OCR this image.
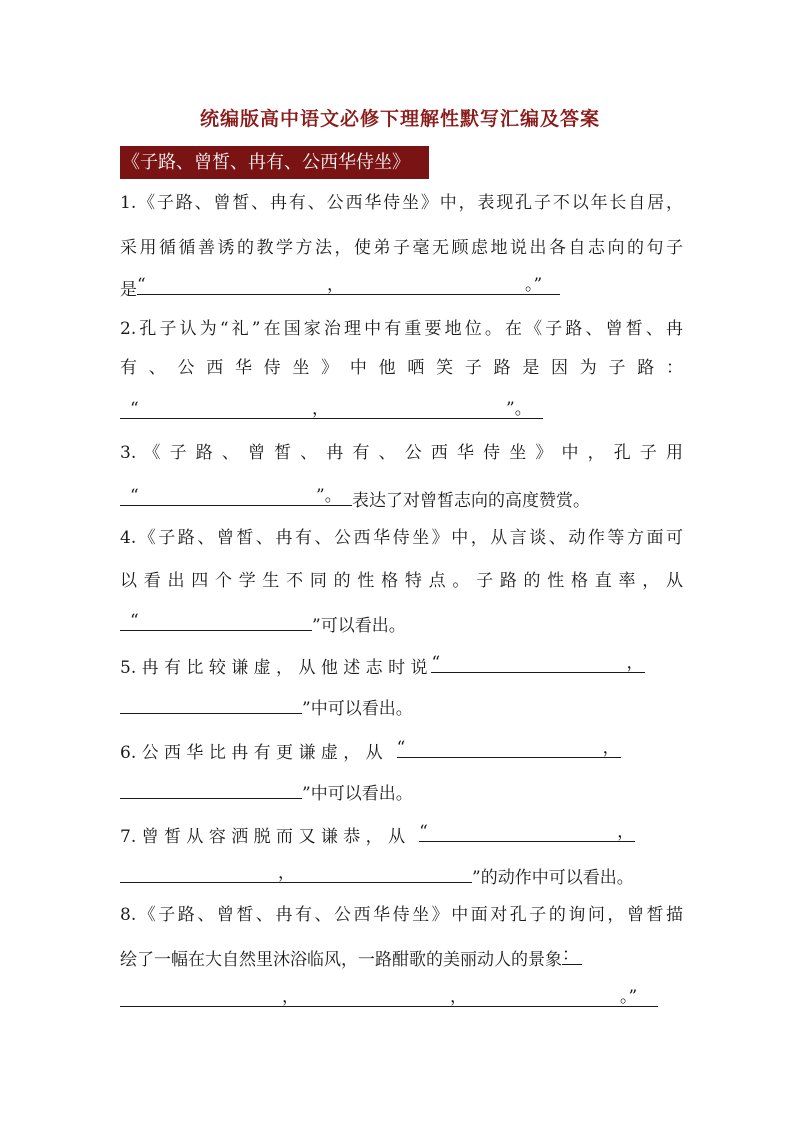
统编版高中语文必修下理解性默写汇编及答案
《子路、曾皙、冉有、公西华侍坐》
1.《子路、曾皙、冉有、公西华侍坐》中，表现孔子不以年长自居，
采用循循善诱的教学方法，使弟子毫无顾虑地说出各自志向的句子
是 “	，	。”
2.孔子认为“礼”在国家治理中有重要地位。在《子路、曾皙、冉
有 、 公 西 华 侍 坐 》 中 他 哂 笑 子 路 是 因 为 子 路 ：
“	，	”。
3. 《 子 路 、 曾 皙 、 冉 有 、 公 西 华 侍 坐 》 中 ， 孔 子 用
“	”。 表达了对曾皙志向的高度赞赏。
4.《子路、曾皙、冉有、公西华侍坐》中，从言谈、动作等方面可
以 看 出 四 个 学 生 不 同 的 性 格 特 点 。 子 路 的 性 格 直 率 ， 从
“	”可以看出。
5. 冉 有 比 较 谦 虚 ， 从 他 述 志 时 说 “	，
”中可以看出。
6. 公 西 华 比 冉 有 更 谦 虚 ， 从 “	，
”中可以看出。
7. 曾 皙 从 容 洒 脱 而 又 谦 恭 ， 从 “	，
，	”的动作中可以看出。
8.《子路、曾皙、冉有、公西华侍坐》中面对孔子的询问，曾皙描
绘了一幅在大自然里沐浴临风，一路酣歌的美丽动人的景象 ：
，	，	。”
